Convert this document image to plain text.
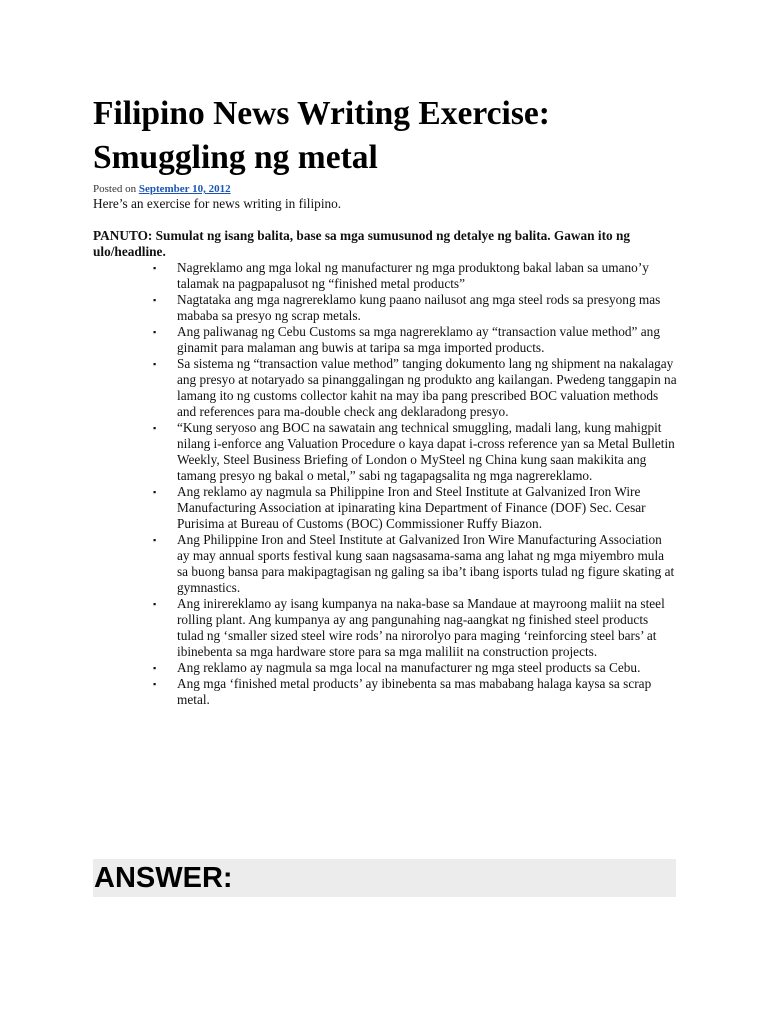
Filipino News Writing Exercise: Smuggling ng metal
Posted on September 10, 2012

Here’s an exercise for news writing in filipino.

PANUTO: Sumulat ng isang balita, base sa mga sumusunod ng detalye ng balita. Gawan ito ng ulo/headline.
▪ Nagreklamo ang mga lokal ng manufacturer ng mga produktong bakal laban sa umano’y talamak na pagpapalusot ng “finished metal products”
▪ Nagtataka ang mga nagrereklamo kung paano nailusot ang mga steel rods sa presyong mas mababa sa presyo ng scrap metals.
▪ Ang paliwanag ng Cebu Customs sa mga nagrereklamo ay “transaction value method” ang ginamit para malaman ang buwis at taripa sa mga imported products.
▪ Sa sistema ng “transaction value method” tanging dokumento lang ng shipment na nakalagay ang presyo at notaryado sa pinanggalingan ng produkto ang kailangan. Pwedeng tanggapin na lamang ito ng customs collector kahit na may iba pang prescribed BOC valuation methods and references para ma-double check ang deklaradong presyo.
▪ “Kung seryoso ang BOC na sawatain ang technical smuggling, madali lang, kung mahigpit nilang i-enforce ang Valuation Procedure o kaya dapat i-cross reference yan sa Metal Bulletin Weekly, Steel Business Briefing of London o MySteel ng China kung saan makikita ang tamang presyo ng bakal o metal,” sabi ng tagapagsalita ng mga nagrereklamo.
▪ Ang reklamo ay nagmula sa Philippine Iron and Steel Institute at Galvanized Iron Wire Manufacturing Association at ipinarating kina Department of Finance (DOF) Sec. Cesar Purisima at Bureau of Customs (BOC) Commissioner Ruffy Biazon.
▪ Ang Philippine Iron and Steel Institute at Galvanized Iron Wire Manufacturing Association ay may annual sports festival kung saan nagsasama-sama ang lahat ng mga miyembro mula sa buong bansa para makipagtagisan ng galing sa iba’t ibang isports tulad ng figure skating at gymnastics.
▪ Ang inirereklamo ay isang kumpanya na naka-base sa Mandaue at mayroong maliit na steel rolling plant. Ang kumpanya ay ang pangunahing nag-aangkat ng finished steel products tulad ng ‘smaller sized steel wire rods’ na nirorolyo para maging ‘reinforcing steel bars’ at ibinebenta sa mga hardware store para sa mga maliliit na construction projects.
▪ Ang reklamo ay nagmula sa mga local na manufacturer ng mga steel products sa Cebu.
▪ Ang mga ‘finished metal products’ ay ibinebenta sa mas mababang halaga kaysa sa scrap metal.
ANSWER:
